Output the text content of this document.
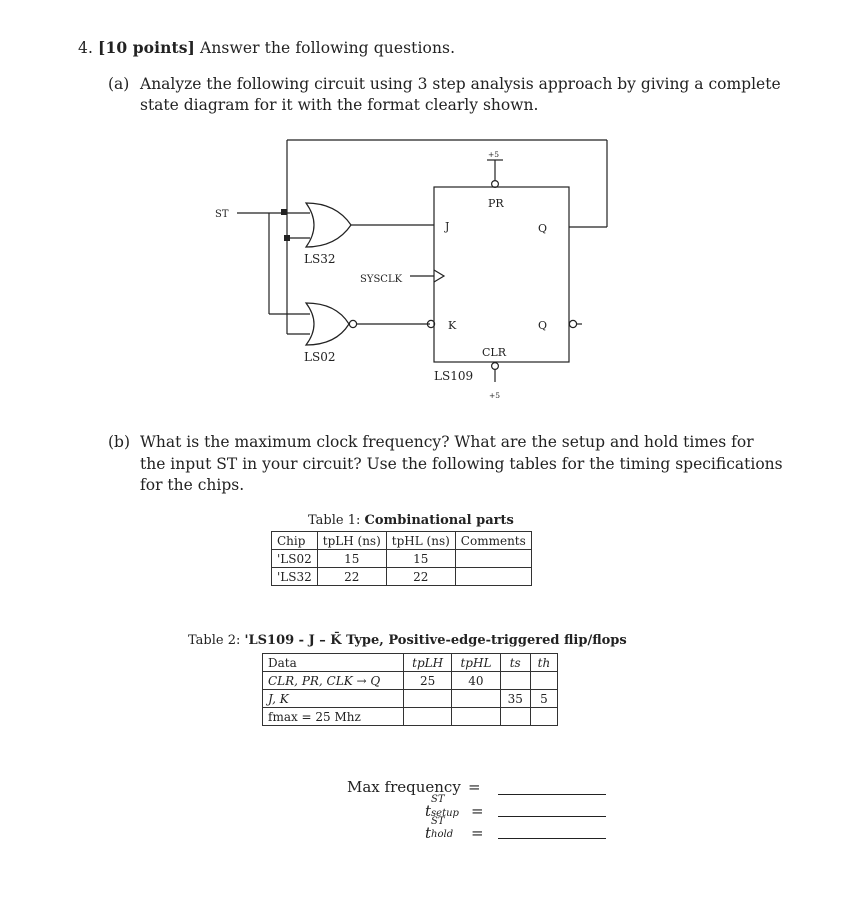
4. [10 points] Answer the following questions.
(a) Analyze the following circuit using 3 step analysis approach by giving a complete
state diagram for it with the format clearly shown.
ST
LS32
LS02
SYSCLK
LS109
J
K
Q
Q
PR
CLR
+5
+5
(b) What is the maximum clock frequency? What are the setup and hold times for
the input ST in your circuit? Use the following tables for the timing specifications
for the chips.
Table 1: Combinational parts
Chip	tpLH (ns)	tpHL (ns)	Comments
'LS02	15	15	
'LS32	22	22	
Table 2: 'LS109 - J – K̄ Type, Positive-edge-triggered flip/flops
Data	tpLH	tpHL	ts	th
CLR, PR, CLK → Q	25	40		
J, K			35	5
fmax = 25 Mhz				
Max frequency =
t
ST
setup =
t
ST
hold =
